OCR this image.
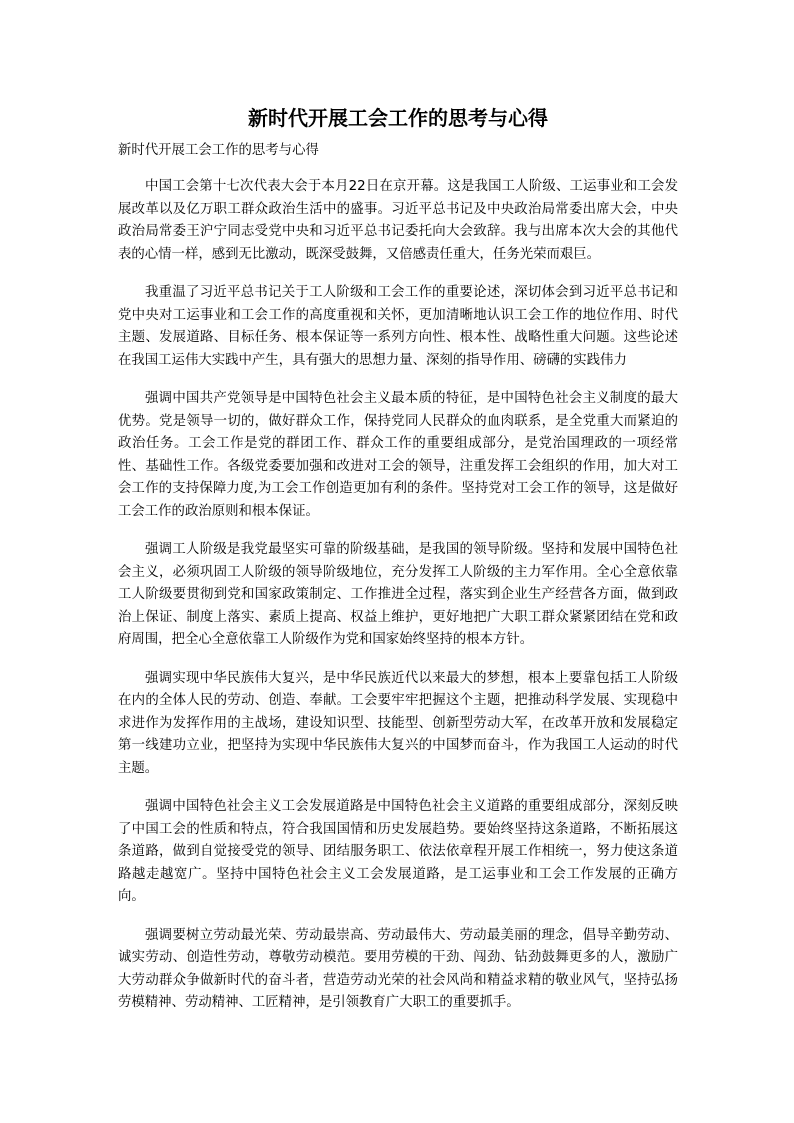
新时代开展工会工作的思考与心得

新时代开展工会工作的思考与心得

中国工会第十七次代表大会于本月22日在京开幕。这是我国工人阶级、工运事业和工会发展改革以及亿万职工群众政治生活中的盛事。习近平总书记及中央政治局常委出席大会，中央政治局常委王沪宁同志受党中央和习近平总书记委托向大会致辞。我与出席本次大会的其他代表的心情一样，感到无比激动，既深受鼓舞，又倍感责任重大，任务光荣而艰巨。

我重温了习近平总书记关于工人阶级和工会工作的重要论述，深切体会到习近平总书记和党中央对工运事业和工会工作的高度重视和关怀，更加清晰地认识工会工作的地位作用、时代主题、发展道路、目标任务、根本保证等一系列方向性、根本性、战略性重大问题。这些论述在我国工运伟大实践中产生，具有强大的思想力量、深刻的指导作用、磅礴的实践伟力

强调中国共产党领导是中国特色社会主义最本质的特征，是中国特色社会主义制度的最大优势。党是领导一切的，做好群众工作，保持党同人民群众的血肉联系，是全党重大而紧迫的政治任务。工会工作是党的群团工作、群众工作的重要组成部分，是党治国理政的一项经常性、基础性工作。各级党委要加强和改进对工会的领导，注重发挥工会组织的作用，加大对工会工作的支持保障力度,为工会工作创造更加有利的条件。坚持党对工会工作的领导，这是做好工会工作的政治原则和根本保证。

强调工人阶级是我党最坚实可靠的阶级基础，是我国的领导阶级。坚持和发展中国特色社会主义，必须巩固工人阶级的领导阶级地位，充分发挥工人阶级的主力军作用。全心全意依靠工人阶级要贯彻到党和国家政策制定、工作推进全过程，落实到企业生产经营各方面，做到政治上保证、制度上落实、素质上提高、权益上维护，更好地把广大职工群众紧紧团结在党和政府周围，把全心全意依靠工人阶级作为党和国家始终坚持的根本方针。

强调实现中华民族伟大复兴，是中华民族近代以来最大的梦想，根本上要靠包括工人阶级在内的全体人民的劳动、创造、奉献。工会要牢牢把握这个主题，把推动科学发展、实现稳中求进作为发挥作用的主战场，建设知识型、技能型、创新型劳动大军，在改革开放和发展稳定第一线建功立业，把坚持为实现中华民族伟大复兴的中国梦而奋斗，作为我国工人运动的时代主题。

强调中国特色社会主义工会发展道路是中国特色社会主义道路的重要组成部分，深刻反映了中国工会的性质和特点，符合我国国情和历史发展趋势。要始终坚持这条道路，不断拓展这条道路，做到自觉接受党的领导、团结服务职工、依法依章程开展工作相统一，努力使这条道路越走越宽广。坚持中国特色社会主义工会发展道路，是工运事业和工会工作发展的正确方向。

强调要树立劳动最光荣、劳动最崇高、劳动最伟大、劳动最美丽的理念，倡导辛勤劳动、诚实劳动、创造性劳动，尊敬劳动模范。要用劳模的干劲、闯劲、钻劲鼓舞更多的人，激励广大劳动群众争做新时代的奋斗者，营造劳动光荣的社会风尚和精益求精的敬业风气，坚持弘扬劳模精神、劳动精神、工匠精神，是引领教育广大职工的重要抓手。
